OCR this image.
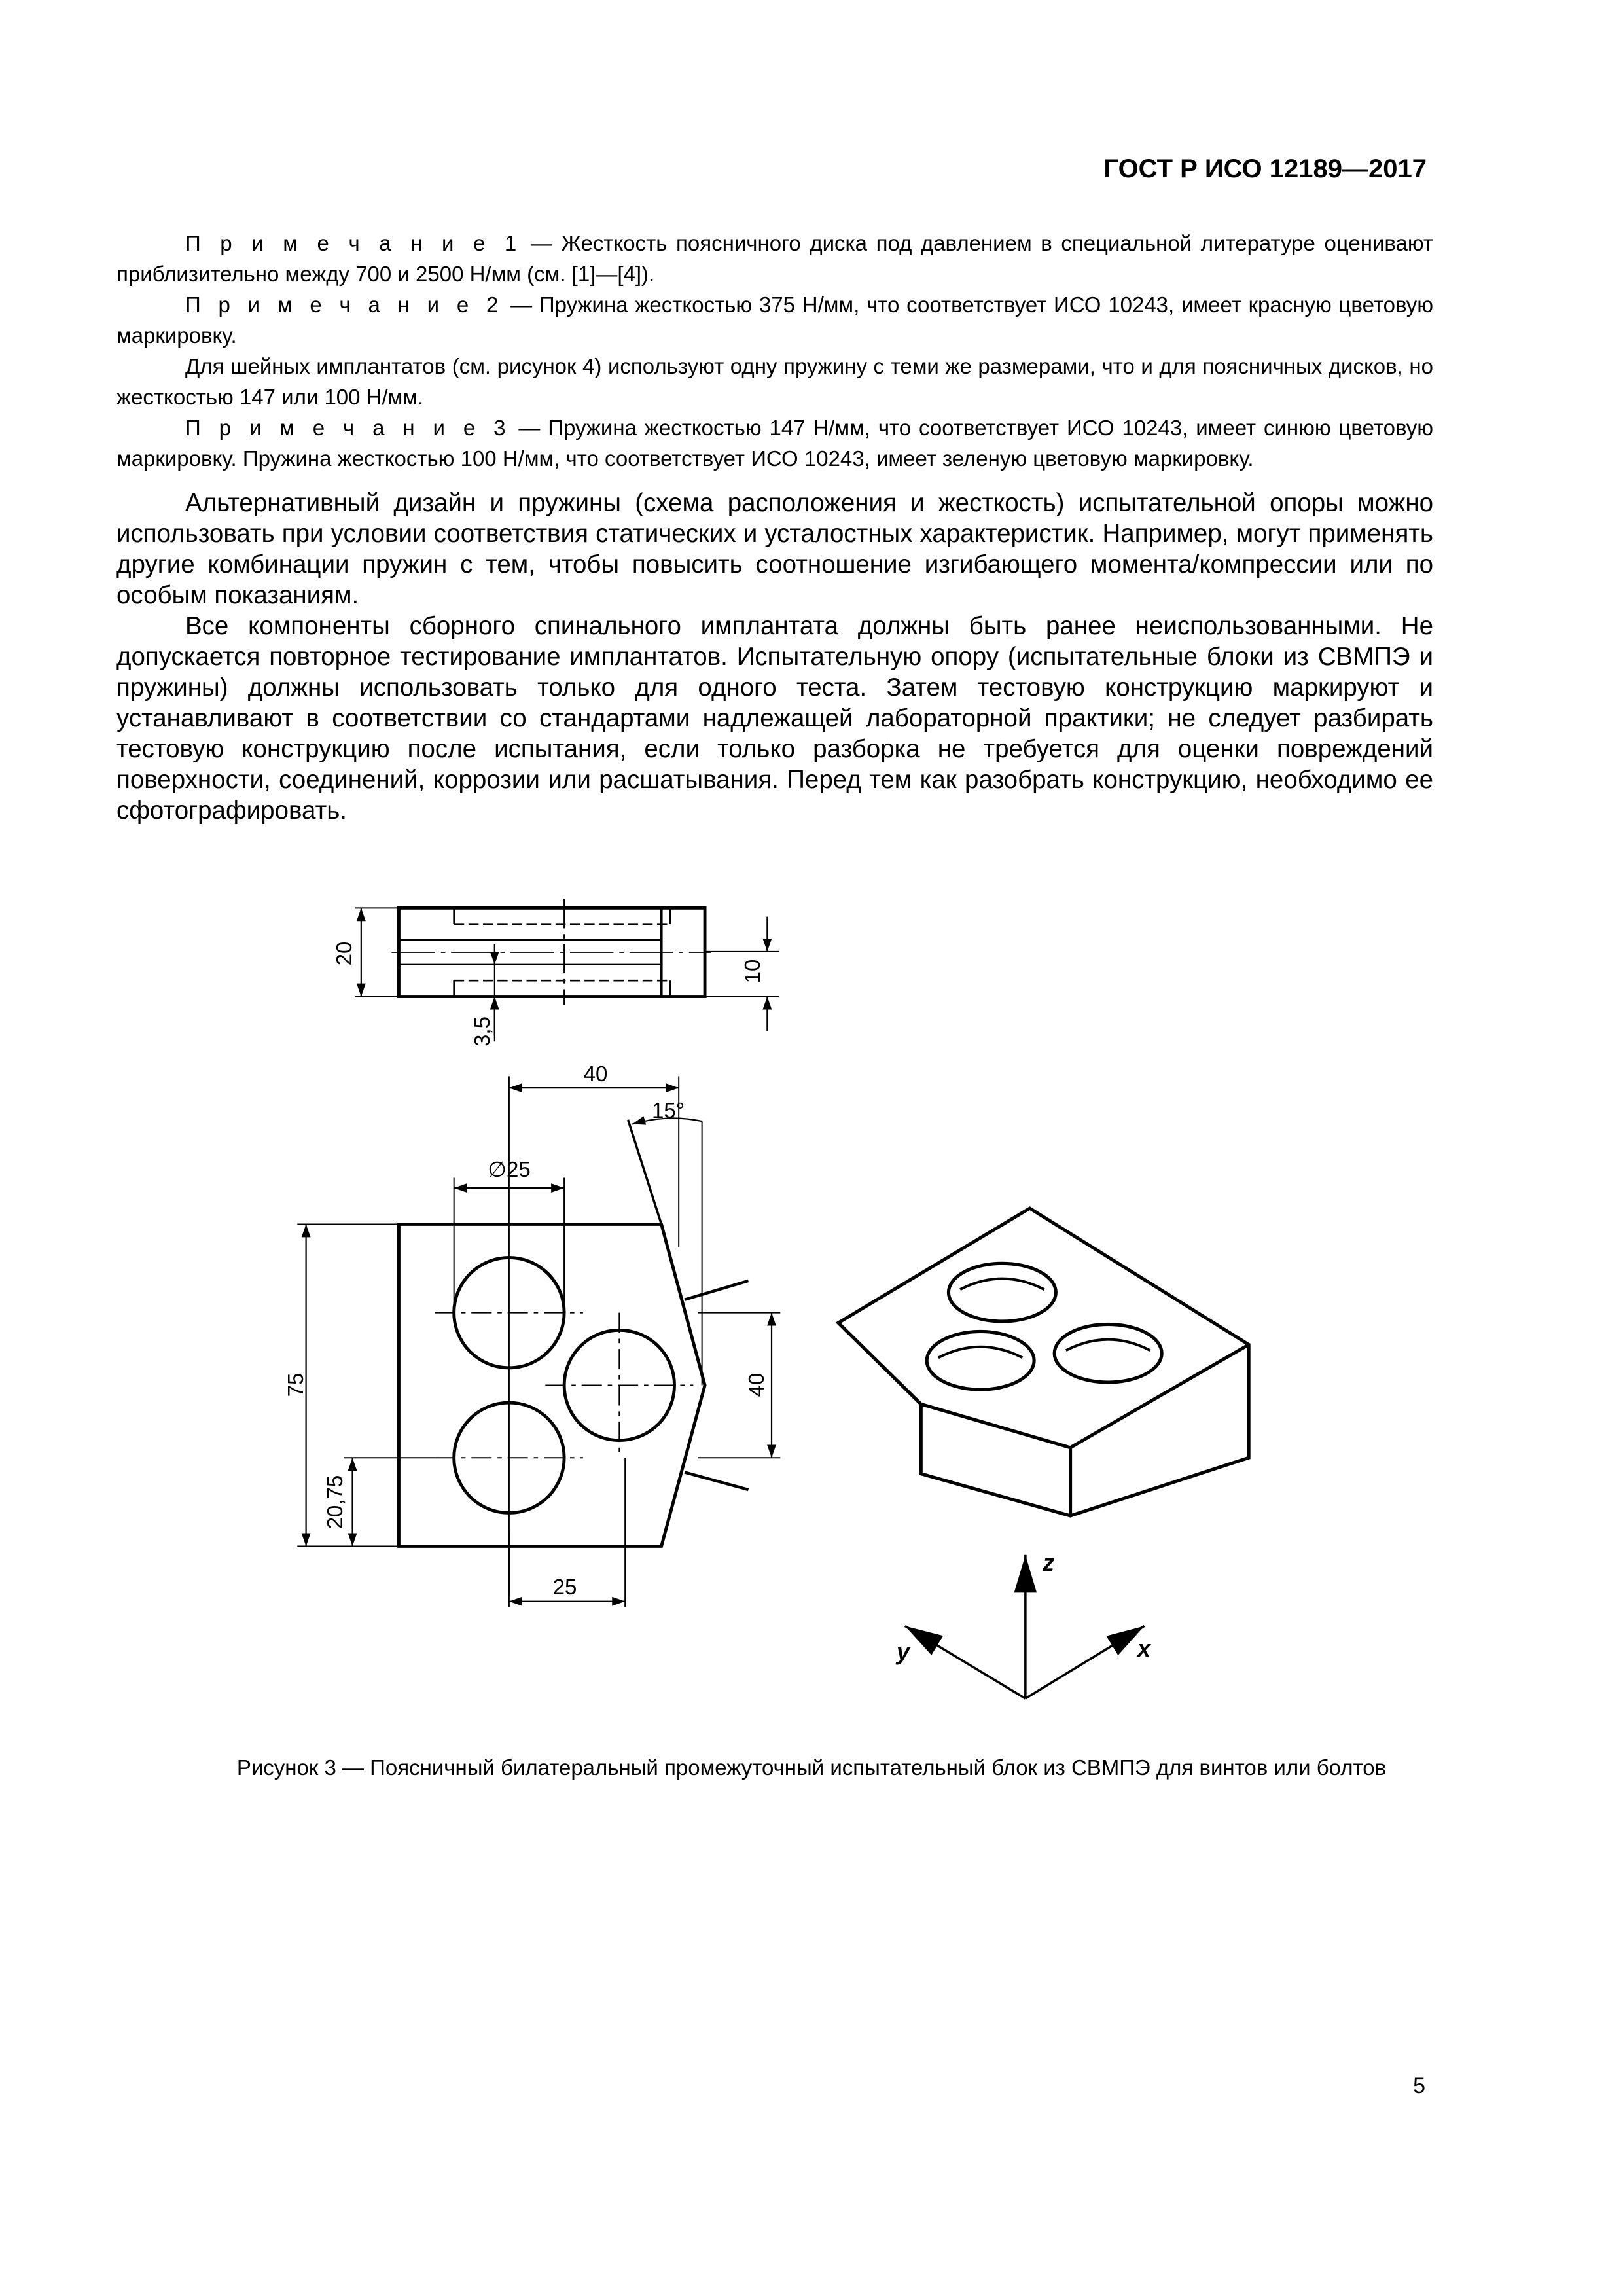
ГОСТ Р ИСО 12189—2017

П р и м е ч а н и е 1 — Жесткость поясничного диска под давлением в специальной литературе оценивают приблизительно между 700 и 2500 Н/мм (см. [1]—[4]).

П р и м е ч а н и е 2 — Пружина жесткостью 375 Н/мм, что соответствует ИСО 10243, имеет красную цветовую маркировку.

Для шейных имплантатов (см. рисунок 4) используют одну пружину с теми же размерами, что и для поясничных дисков, но жесткостью 147 или 100 Н/мм.

П р и м е ч а н и е 3 — Пружина жесткостью 147 Н/мм, что соответствует ИСО 10243, имеет синюю цветовую маркировку. Пружина жесткостью 100 Н/мм, что соответствует ИСО 10243, имеет зеленую цветовую маркировку.

Альтернативный дизайн и пружины (схема расположения и жесткость) испытательной опоры можно использовать при условии соответствия статических и усталостных характеристик. Например, могут применять другие комбинации пружин с тем, чтобы повысить соотношение изгибающего момента/компрессии или по особым показаниям.

Все компоненты сборного спинального имплантата должны быть ранее неиспользованными. Не допускается повторное тестирование имплантатов. Испытательную опору (испытательные блоки из СВМПЭ и пружины) должны использовать только для одного теста. Затем тестовую конструкцию маркируют и устанавливают в соответствии со стандартами надлежащей лабораторной практики; не следует разбирать тестовую конструкцию после испытания, если только разборка не требуется для оценки повреждений поверхности, соединений, коррозии или расшатывания. Перед тем как разобрать конструкцию, необходимо ее сфотографировать.

20
10
3,5
40
15°
∅25
75	40
20,75
25
z
y	x
Рисунок 3 — Поясничный билатеральный промежуточный испытательный блок из СВМПЭ для винтов или болтов
5
